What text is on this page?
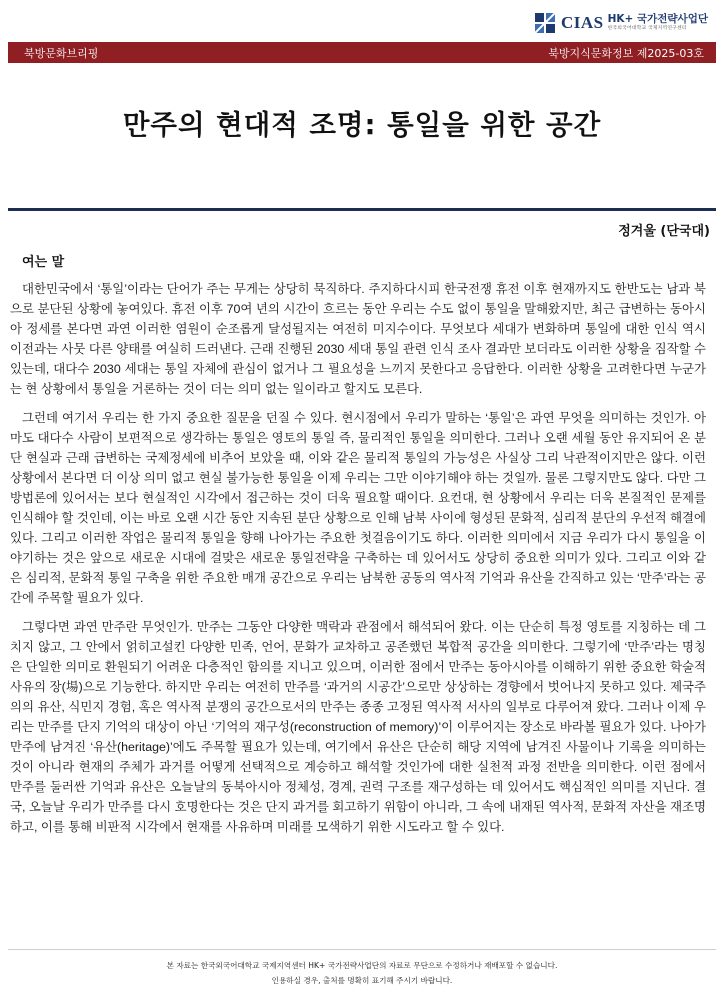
CIAS HK+ 국가전략사업단
한국외국어대학교 국제지역연구센터
북방문화브리핑	북방지식문화정보 제2025-03호
만주의 현대적 조명: 통일을 위한 공간
정겨울 (단국대)
여는 말

대한민국에서 ‘통일’이라는 단어가 주는 무게는 상당히 묵직하다. 주지하다시피 한국전쟁 휴전 이후 현재까지도 한반도는 남과 북으로 분단된 상황에 놓여있다. 휴전 이후 70여 년의 시간이 흐르는 동안 우리는 수도 없이 통일을 말해왔지만, 최근 급변하는 동아시아 정세를 본다면 과연 이러한 염원이 순조롭게 달성될지는 여전히 미지수이다. 무엇보다 세대가 변화하며 통일에 대한 인식 역시 이전과는 사뭇 다른 양태를 여실히 드러낸다. 근래 진행된 2030 세대 통일 관련 인식 조사 결과만 보더라도 이러한 상황을 짐작할 수 있는데, 대다수 2030 세대는 통일 자체에 관심이 없거나 그 필요성을 느끼지 못한다고 응답한다. 이러한 상황을 고려한다면 누군가는 현 상황에서 통일을 거론하는 것이 더는 의미 없는 일이라고 할지도 모른다.

그런데 여기서 우리는 한 가지 중요한 질문을 던질 수 있다. 현시점에서 우리가 말하는 ‘통일’은 과연 무엇을 의미하는 것인가. 아마도 대다수 사람이 보편적으로 생각하는 통일은 영토의 통일 즉, 물리적인 통일을 의미한다. 그러나 오랜 세월 동안 유지되어 온 분단 현실과 근래 급변하는 국제정세에 비추어 보았을 때, 이와 같은 물리적 통일의 가능성은 사실상 그리 낙관적이지만은 않다. 이런 상황에서 본다면 더 이상 의미 없고 현실 불가능한 통일을 이제 우리는 그만 이야기해야 하는 것일까. 물론 그렇지만도 않다. 다만 그 방법론에 있어서는 보다 현실적인 시각에서 접근하는 것이 더욱 필요할 때이다. 요컨대, 현 상황에서 우리는 더욱 본질적인 문제를 인식해야 할 것인데, 이는 바로 오랜 시간 동안 지속된 분단 상황으로 인해 남북 사이에 형성된 문화적, 심리적 분단의 우선적 해결에 있다. 그리고 이러한 작업은 물리적 통일을 향해 나아가는 주요한 첫걸음이기도 하다. 이러한 의미에서 지금 우리가 다시 통일을 이야기하는 것은 앞으로 새로운 시대에 걸맞은 새로운 통일전략을 구축하는 데 있어서도 상당히 중요한 의미가 있다. 그리고 이와 같은 심리적, 문화적 통일 구축을 위한 주요한 매개 공간으로 우리는 남북한 공동의 역사적 기억과 유산을 간직하고 있는 ‘만주’라는 공간에 주목할 필요가 있다.

그렇다면 과연 만주란 무엇인가. 만주는 그동안 다양한 맥락과 관점에서 해석되어 왔다. 이는 단순히 특정 영토를 지칭하는 데 그치지 않고, 그 안에서 얽히고설킨 다양한 민족, 언어, 문화가 교차하고 공존했던 복합적 공간을 의미한다. 그렇기에 ‘만주’라는 명칭은 단일한 의미로 환원되기 어려운 다층적인 함의를 지니고 있으며, 이러한 점에서 만주는 동아시아를 이해하기 위한 중요한 학술적 사유의 장(場)으로 기능한다. 하지만 우리는 여전히 만주를 ‘과거의 시공간’으로만 상상하는 경향에서 벗어나지 못하고 있다. 제국주의의 유산, 식민지 경험, 혹은 역사적 분쟁의 공간으로서의 만주는 종종 고정된 역사적 서사의 일부로 다루어져 왔다. 그러나 이제 우리는 만주를 단지 기억의 대상이 아닌 ‘기억의 재구성(reconstruction of memory)’이 이루어지는 장소로 바라볼 필요가 있다. 나아가 만주에 남겨진 ‘유산(heritage)’에도 주목할 필요가 있는데, 여기에서 유산은 단순히 해당 지역에 남겨진 사물이나 기록을 의미하는 것이 아니라 현재의 주체가 과거를 어떻게 선택적으로 계승하고 해석할 것인가에 대한 실천적 과정 전반을 의미한다. 이런 점에서 만주를 둘러싼 기억과 유산은 오늘날의 동북아시아 정체성, 경계, 권력 구조를 재구성하는 데 있어서도 핵심적인 의미를 지닌다. 결국, 오늘날 우리가 만주를 다시 호명한다는 것은 단지 과거를 회고하기 위함이 아니라, 그 속에 내재된 역사적, 문화적 자산을 재조명하고, 이를 통해 비판적 시각에서 현재를 사유하며 미래를 모색하기 위한 시도라고 할 수 있다.

본 자료는 한국외국어대학교 국제지역센터 HK+ 국가전략사업단의 자료로 무단으로 수정하거나 재배포할 수 없습니다.
인용하실 경우, 출처를 명확히 표기해 주시기 바랍니다.
